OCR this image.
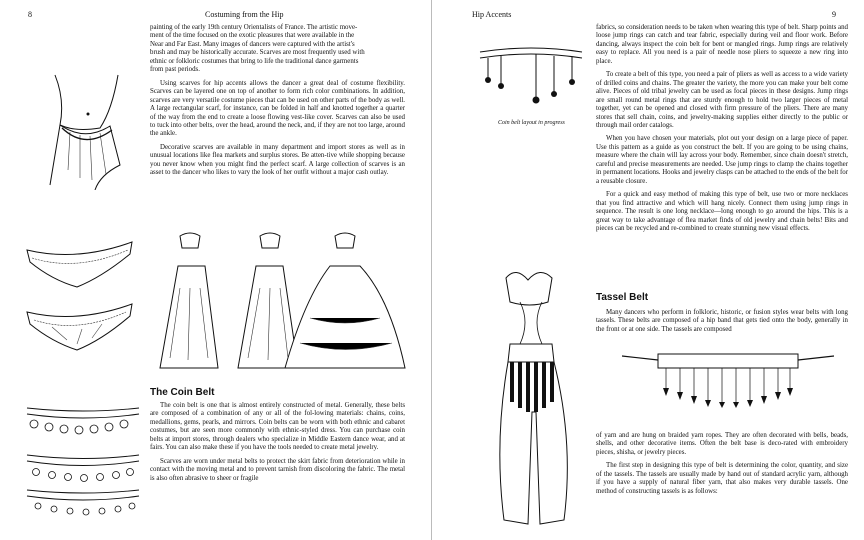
8	Costuming from the Hip

painting of the early 19th century Orientalists of France. The artistic move-
ment of the time focused on the exotic pleasures that were available in the
Near and Far East. Many images of dancers were captured with the artist's
brush and may be historically accurate. Scarves are most frequently used with
ethnic or folkloric costumes that bring to life the traditional dance garments
from past periods.

Using scarves for hip accents allows the dancer a great deal of costume flexibility. Scarves can be layered one on top of another to form rich color combinations. In addition, scarves are very versatile costume pieces that can be used on other parts of the body as well. A large rectangular scarf, for instance, can be folded in half and knotted together a quarter of the way from the end to create a loose flowing vest-like cover. Scarves can also be used to tuck into other belts, over the head, around the neck, and, if they are not too large, around the ankle.

Decorative scarves are available in many department and import stores as well as in unusual locations like flea markets and surplus stores. Be atten-tive while shopping because you never know when you might find the perfect scarf. A large collection of scarves is an asset to the dancer who likes to vary the look of her outfit without a major cash outlay.

The Coin Belt

The coin belt is one that is almost entirely constructed of metal. Generally, these belts are composed of a combination of any or all of the fol-lowing materials: chains, coins, medallions, gems, pearls, and mirrors. Coin belts can be worn with both ethnic and cabaret costumes, but are seen more commonly with ethnic-styled dress. You can purchase coin belts at import stores, through dealers who specialize in Middle Eastern dance wear, and at fairs. You can also make these if you have the tools needed to create metal jewelry.

Scarves are worn under metal belts to protect the skirt fabric from deterioration while in contact with the moving metal and to prevent tarnish from discoloring the fabric. The metal is also often abrasive to sheer or fragile

Hip Accents	9
Coin belt layout in progress

fabrics, so consideration needs to be taken when wearing this type of belt. Sharp points and loose jump rings can catch and tear fabric, especially during veil and floor work. Before dancing, always inspect the coin belt for bent or mangled rings. Jump rings are relatively easy to replace. All you need is a pair of needle nose pliers to squeeze a new ring into place.

To create a belt of this type, you need a pair of pliers as well as access to a wide variety of drilled coins and chains. The greater the variety, the more you can make your belt come alive. Pieces of old tribal jewelry can be used as focal pieces in these designs. Jump rings are small round metal rings that are sturdy enough to hold two larger pieces of metal together, yet can be opened and closed with firm pressure of the pliers. There are many stores that sell chain, coins, and jewelry-making supplies either directly to the public or through mail order catalogs.

When you have chosen your materials, plot out your design on a large piece of paper. Use this pattern as a guide as you construct the belt. If you are going to be using chains, measure where the chain will lay across your body. Remember, since chain doesn't stretch, careful and precise measurements are needed. Use jump rings to clamp the chains together in permanent locations. Hooks and jewelry clasps can be attached to the ends of the belt for a reusable closure.

For a quick and easy method of making this type of belt, use two or more necklaces that you find attractive and which will hang nicely. Connect them using jump rings in sequence. The result is one long necklace—long enough to go around the hips. This is a great way to take advantage of flea market finds of old jewelry and chain belts! Bits and pieces can be recycled and re-combined to create stunning new visual effects.

Tassel Belt

Many dancers who perform in folkloric, historic, or fusion styles wear belts with long tassels. These belts are composed of a hip band that gets tied onto the body, generally in the front or at one side. The tassels are composed

of yarn and are hung on braided yarn ropes. They are often decorated with bells, beads, shells, and other decorative items. Often the belt base is deco-rated with embroidery pieces, shisha, or jewelry pieces.

The first step in designing this type of belt is determining the color, quantity, and size of the tassels. The tassels are usually made by hand out of standard acrylic yarn, although if you have a supply of natural fiber yarn, that also makes very durable tassels. One method of constructing tassels is as follows:
